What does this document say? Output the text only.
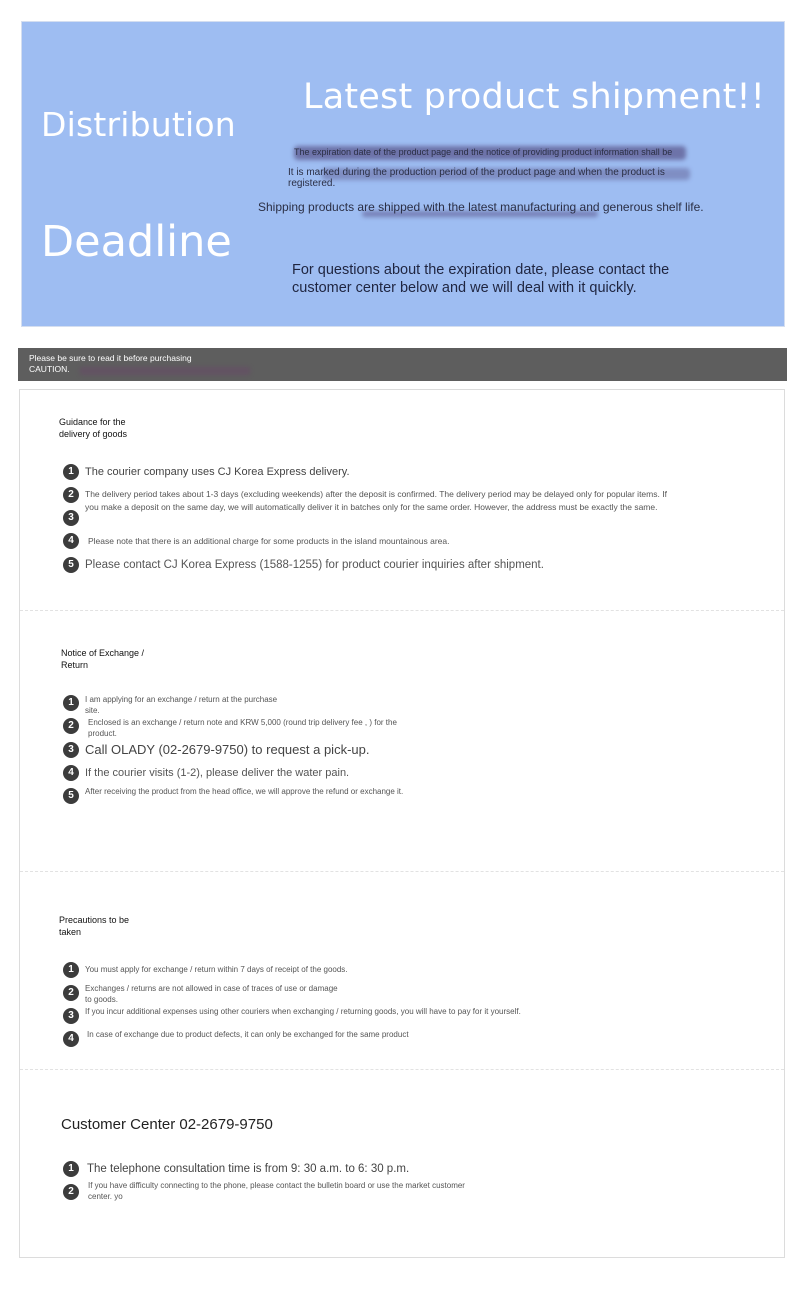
Distribution
Deadline
Latest product shipment!!
The expiration date of the product page and the notice of providing product information shall be
It is marked during the production period of the product page and when the product is registered.
Shipping products are shipped with the latest manufacturing and generous shelf life.
For questions about the expiration date, please contact the customer center below and we will deal with it quickly.
Please be sure to read it before purchasing
CAUTION.
Guidance for the delivery of goods
1	The courier company uses CJ Korea Express delivery.
2	The delivery period takes about 1-3 days (excluding weekends) after the deposit is confirmed. The delivery period may be delayed only for popular items. If you make a deposit on the same day, we will automatically deliver it in batches only for the same order. However, the address must be exactly the same.
3
4	Please note that there is an additional charge for some products in the island mountainous area.
5 Please contact CJ Korea Express (1588-1255) for product courier inquiries after shipment.
Notice of Exchange / Return
1	I am applying for an exchange / return at the purchase site.
2	Enclosed is an exchange / return note and KRW 5,000 (round trip delivery fee , ) for the product.
3 Call OLADY (02-2679-9750) to request a pick-up.
4	If the courier visits (1-2), please deliver the water pain.
5	After receiving the product from the head office, we will approve the refund or exchange it.
Precautions to be taken
1	You must apply for exchange / return within 7 days of receipt of the goods.
2	Exchanges / returns are not allowed in case of traces of use or damage to goods.
3	If you incur additional expenses using other couriers when exchanging / returning goods, you will have to pay for it yourself.
4	In case of exchange due to product defects, it can only be exchanged for the same product
Customer Center 02-2679-9750
1	The telephone consultation time is from 9: 30 a.m. to 6: 30 p.m.
2
If you have difficulty connecting to the phone, please contact the bulletin board or use the market customer center. yo
